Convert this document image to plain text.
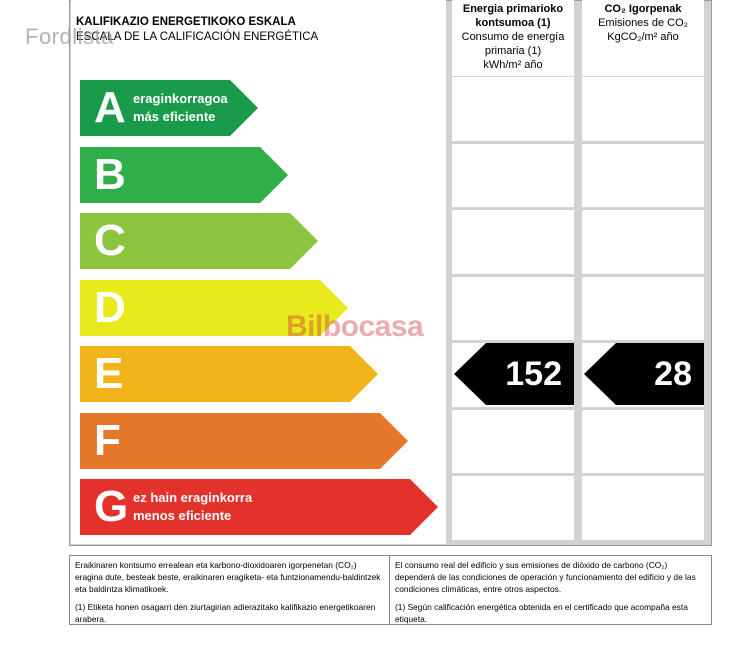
KALIFIKAZIO ENERGETIKOKO ESKALA
ESCALA DE LA CALIFICACIÓN ENERGÉTICA
Energia primarioko kontsumoa (1)
Consumo de energía primaria (1)
kWh/m² año
CO₂ Igorpenak
Emisiones de CO₂
KgCO₂/m² año
A eraginkorragoa
más eficiente
B
C
D
E
F
G ez hain eraginkorra
menos eficiente
152	28
Fordlista
Bilbocasa

Eraikinaren kontsumo errealean eta karbono-dioxidoaren igorpenetan (CO₂) eragina dute, besteak beste, eraikinaren eragiketa- eta funtzionamendu-baldintzek eta baldintza klimatikoek.

(1) Etiketa honen osagarri den ziurtagirian adierazitako kalifikazio energetikoaren arabera.

El consumo real del edificio y sus emisiones de dióxido de carbono (CO₂) dependerá de las condiciones de operación y funcionamiento del edificio y de las condiciones climáticas, entre otros aspectos.

(1) Según calificación energética obtenida en el certificado que acompaña esta etiqueta.
